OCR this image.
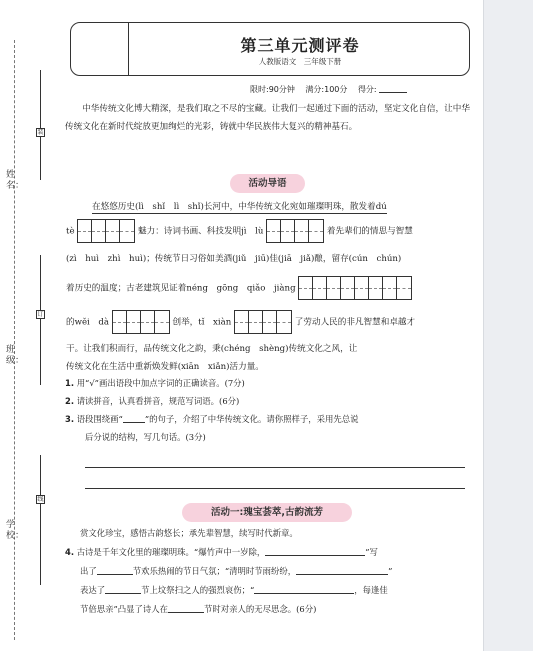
姓名：
班级：
学校：
装
订
线
第三单元测评卷
人教版语文　三年级下册
限时:90分钟　 满分:100分　 得分:

中华传统文化博大精深，是我们取之不尽的宝藏。让我们一起通过下面的活动，坚定文化自信，让中华传统文化在新时代绽放更加绚烂的光彩，铸就中华民族伟大复兴的精神基石。

活动导语
在悠悠历史(lì　shǐ　lì　shǐ)长河中，中华传统文化宛如璀璨明珠，散发着dú
tè	魅力：诗词书画、科技发明jì　lù	着先辈们的情思与智慧
(zì　huì　zhì　huì)；传统节日习俗如美酒(jiǔ　jiū)佳(jiā　jiǎ)酿，留存(cún　chún)
着历史的温度；古老建筑见证着néng　gōng　qiǎo　jiàng
的wěi　dà	创举，tǐ　xiàn	了劳动人民的非凡智慧和卓越才
干。让我们积而行，品传统文化之韵，秉(chéng　shèng)传统文化之风，让
传统文化在生活中重新焕发鲜(xiān　xiǎn)活力量。
1. 用“√”画出语段中加点字词的正确读音。(7分)
2. 请读拼音，认真看拼音，规范写词语。(6分)
3. 语段围绕画“	”的句子，介绍了中华传统文化。请你照样子，采用先总说
后分说的结构，写几句话。(3分)
活动一:瑰宝荟萃,古韵流芳
赏文化珍宝，感悟古韵悠长；承先辈智慧，续写时代新章。
4. 古诗是千年文化里的璀璨明珠。“爆竹声中一岁除，	”写
出了	节欢乐热闹的节日气氛；“清明时节雨纷纷，	”
表达了	节上坟祭扫之人的强烈哀伤；“	，每逢佳
节倍思亲”凸显了诗人在	节时对亲人的无尽思念。(6分)
